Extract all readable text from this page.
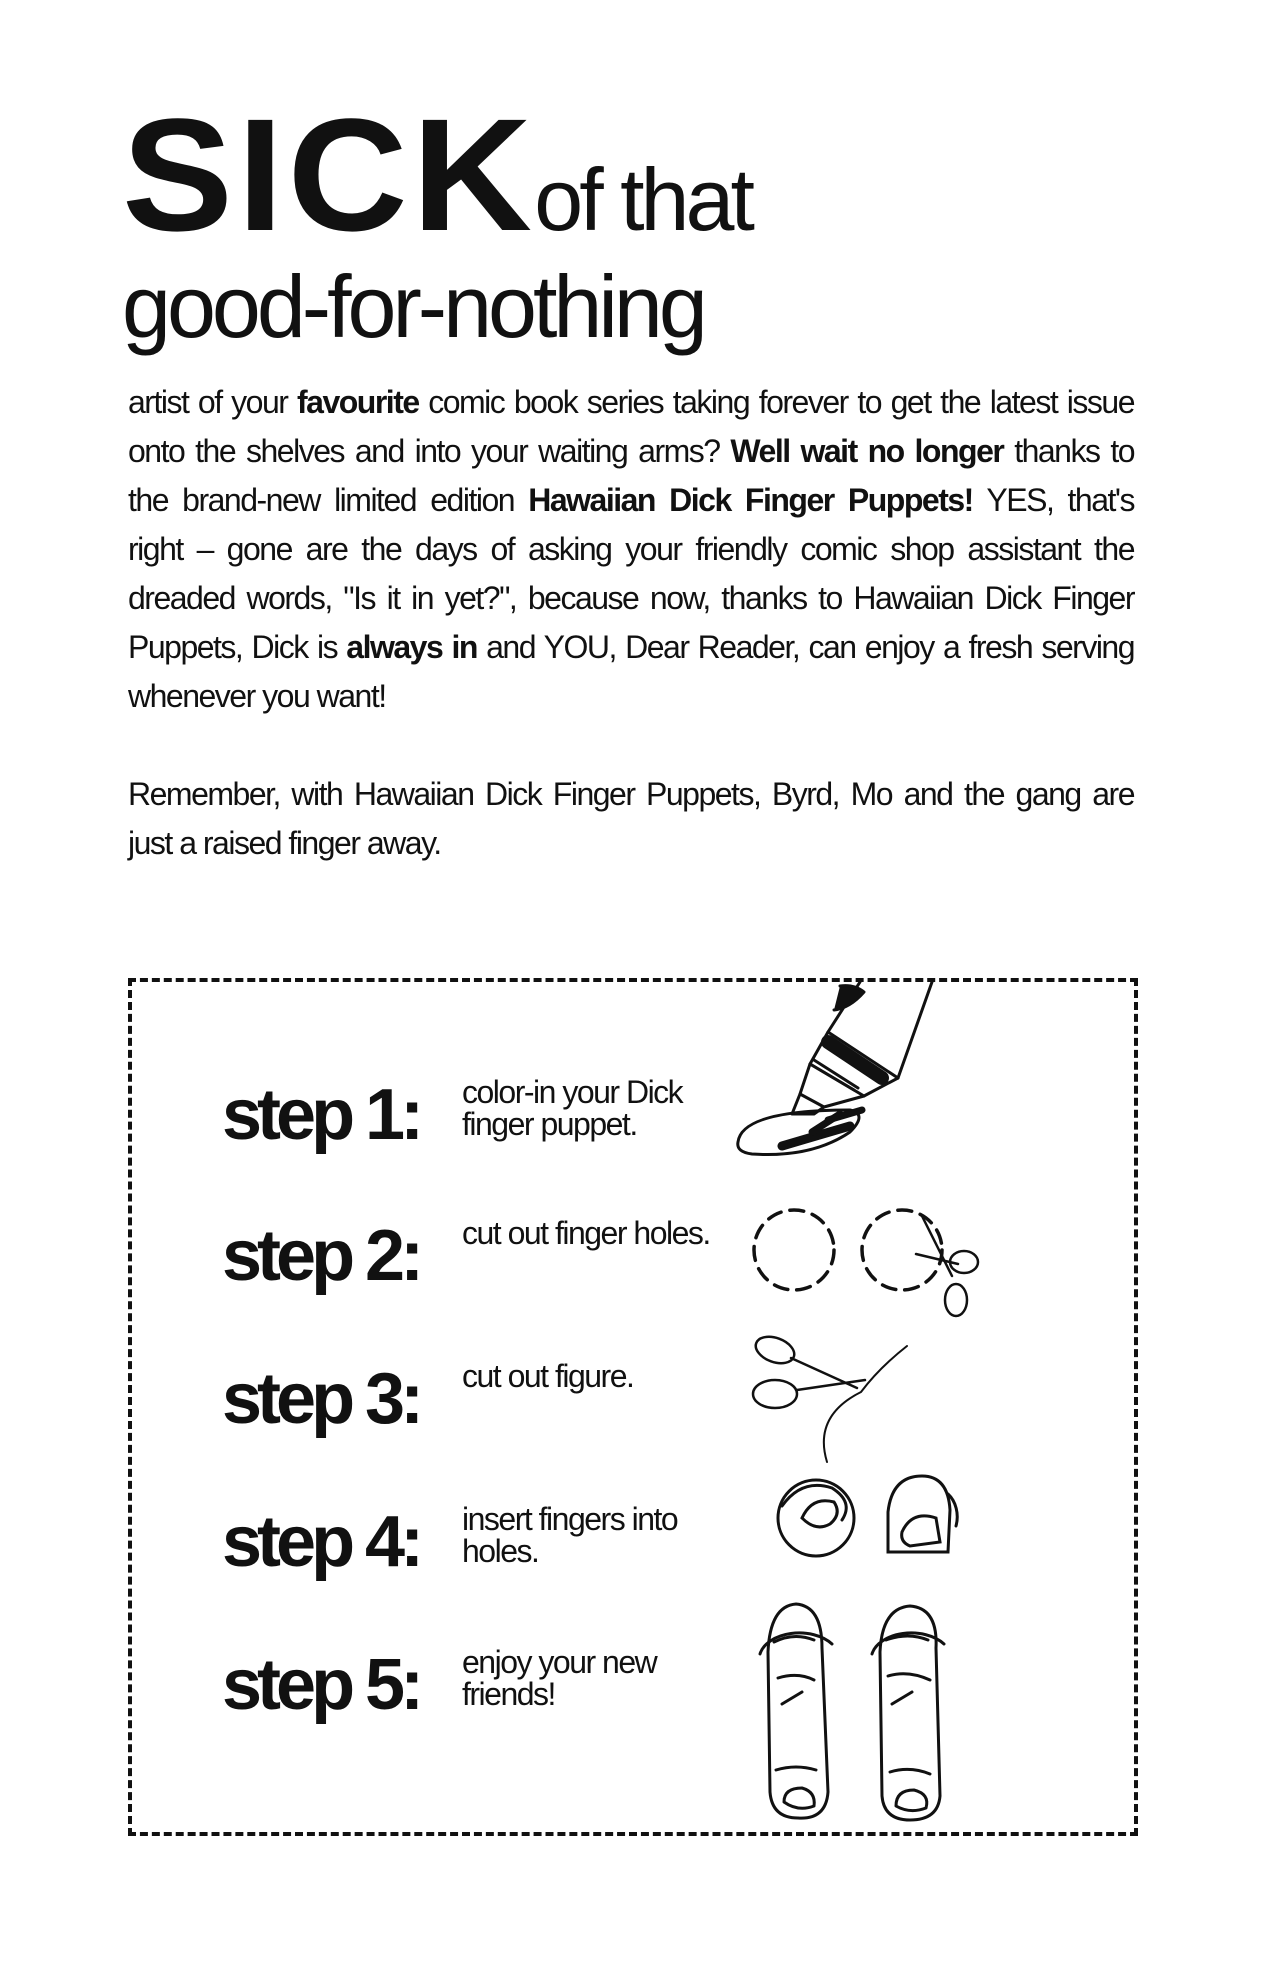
SICKof that
good-for-nothing

artist of your favourite comic book series taking forever to get the latest issue onto the shelves and into your waiting arms? Well wait no longer thanks to the brand-new limited edition Hawaiian Dick Finger Puppets! YES, that's right – gone are the days of asking your friendly comic shop assistant the dreaded words, "Is it in yet?", because now, thanks to Hawaiian Dick Finger Puppets, Dick is always in and YOU, Dear Reader, can enjoy a fresh serving whenever you want!

Remember, with Hawaiian Dick Finger Puppets, Byrd, Mo and the gang are just a raised finger away.

step 1: color-in your Dick finger puppet.
step 2: cut out finger holes.
step 3: cut out figure.
step 4: insert fingers into holes.
step 5: enjoy your new friends!
